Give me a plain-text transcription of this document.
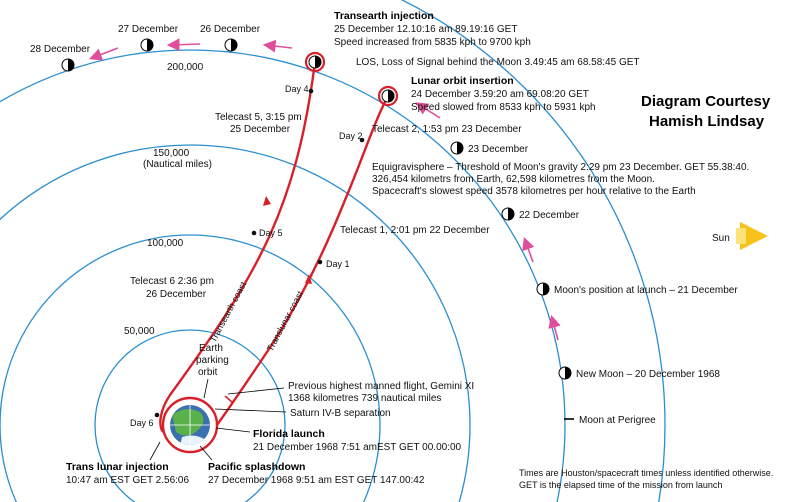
Sun
Day 1
Day 2
Day 4
Day 5
Day 6
200,000
150,000
(Nautical miles)
100,000
50,000
28 December
27 December 26 December
23 December
22 December
Moon's position at launch – 21 December
New Moon – 20 December 1968
Moon at Perigree
Transearth injection
25 December 12.10:16 am 89.19:16 GET
Speed increased from 5835 kph to 9700 kph
LOS, Loss of Signal behind the Moon 3.49:45 am 68.58:45 GET
Lunar orbit insertion
24 December 3.59:20 am 69.08:20 GET
Speed slowed from 8533 kph to 5931 kph	Diagram Courtesy
Hamish Lindsay
Telecast 2, 1:53 pm 23 December
Telecast 5, 3:15 pm
25 December
Telecast 1, 2:01 pm 22 December
Telecast 6 2:36 pm
26 December
Equigravisphere – Threshold of Moon's gravity 2:29 pm 23 December. GET 55.38:40.
326,454 kilometrs from Earth, 62,598 kilometres from the Moon.
Spacecraft's slowest speed 3578 kilometres per hour relative to the Earth
Translunar coast
Transearth coast
Earth
parking
orbit
Previous highest manned flight, Gemini XI
1368 kilometres 739 nautical miles
Saturn IV-B separation
Florida launch
21 December 1968 7:51 amEST GET 00.00:00
Trans lunar injection
10:47 am EST GET 2.56:06
Pacific splashdown
27 December 1968 9:51 am EST GET 147.00:42
Times are Houston/spacecraft times unless identified otherwise.
GET is the elapsed time of the mission from launch
